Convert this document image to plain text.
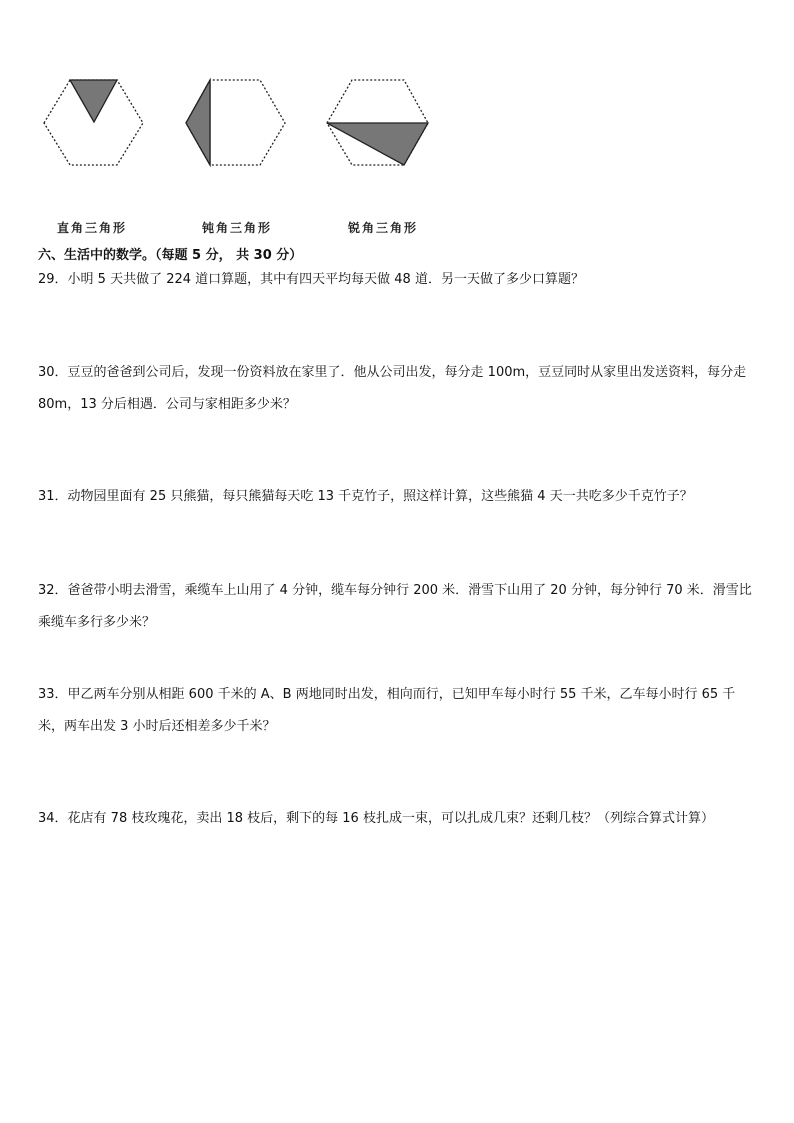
直角三角形	钝角三角形	锐角三角形
六、生活中的数学。（每题 5 分， 共 30 分）
29．小明 5 天共做了 224 道口算题，其中有四天平均每天做 48 道．另一天做了多少口算题？
30．豆豆的爸爸到公司后，发现一份资料放在家里了．他从公司出发，每分走 100m，豆豆同时从家里出发送资料，每分走 80m，13 分后相遇．公司与家相距多少米？
31．动物园里面有 25 只熊猫，每只熊猫每天吃 13 千克竹子，照这样计算，这些熊猫 4 天一共吃多少千克竹子？
32．爸爸带小明去滑雪，乘缆车上山用了 4 分钟，缆车每分钟行 200 米．滑雪下山用了 20 分钟，每分钟行 70 米．滑雪比乘缆车多行多少米？
33．甲乙两车分别从相距 600 千米的 A、B 两地同时出发，相向而行，已知甲车每小时行 55 千米，乙车每小时行 65 千米，两车出发 3 小时后还相差多少千米？
34．花店有 78 枝玫瑰花，卖出 18 枝后，剩下的每 16 枝扎成一束，可以扎成几束？还剩几枝？（列综合算式计算）
